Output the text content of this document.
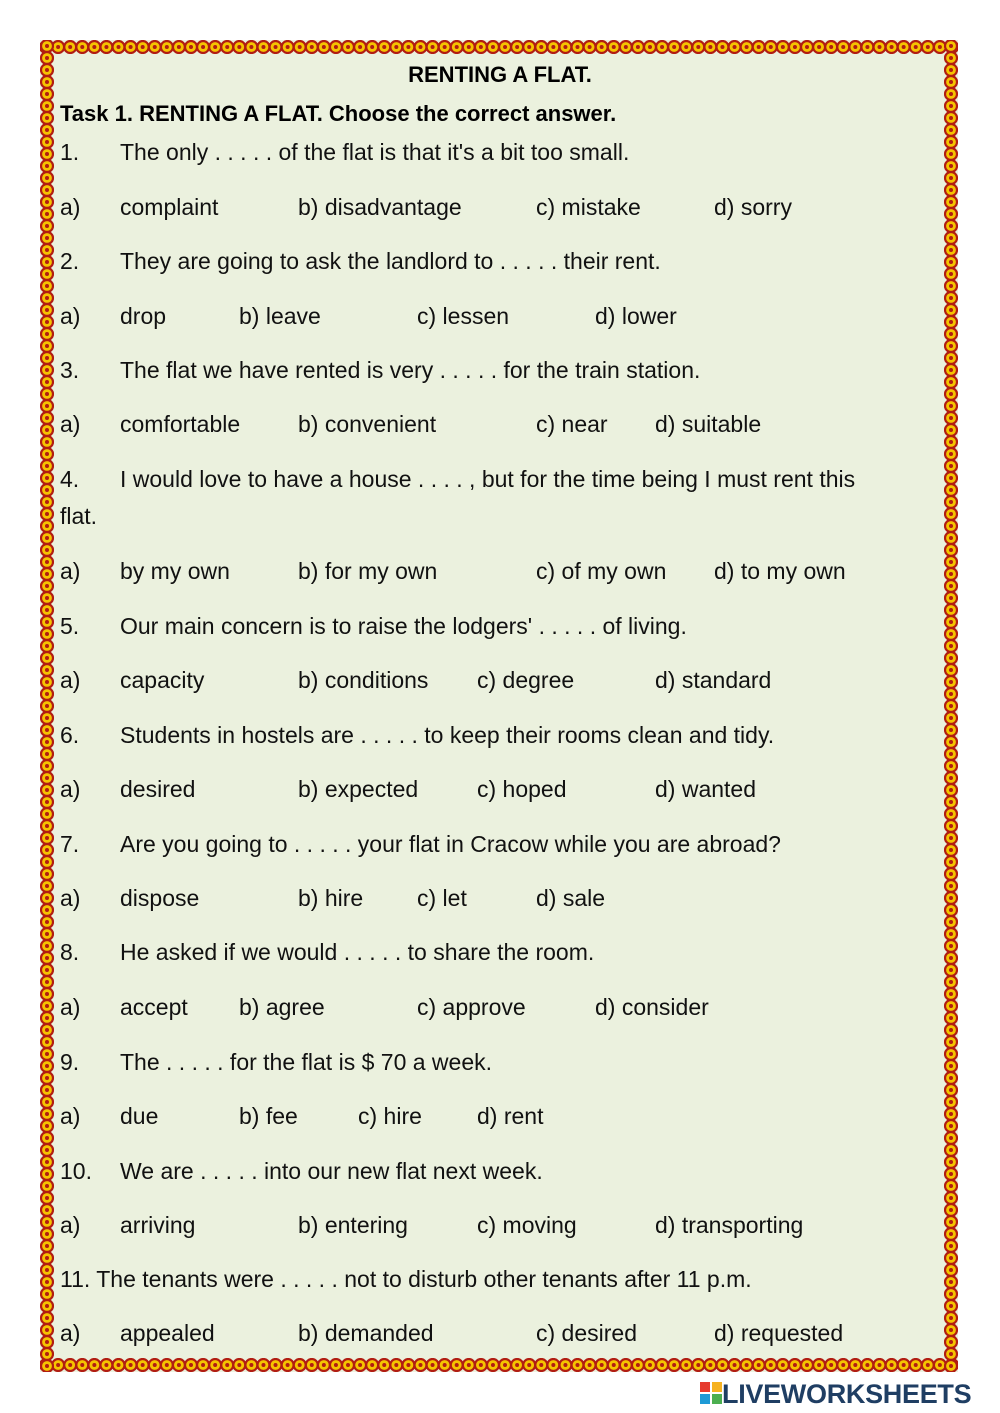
RENTING A FLAT.
Task 1. RENTING A FLAT. Choose the correct answer.
1. The only . . . . . of the flat is that it's a bit too small.
a) complaint	b) disadvantage	c) mistake	d) sorry
2. They are going to ask the landlord to . . . . . their rent.
a) drop	b) leave	c) lessen	d) lower
3. The flat we have rented is very . . . . . for the train station.
a) comfortable	b) convenient	c) near d) suitable
4. I would love to have a house . . . . , but for the time being I must rent this
flat.
a) by my own	b) for my own	c) of my own d) to my own
5. Our main concern is to raise the lodgers' . . . . . of living.
a) capacity	b) conditions c) degree	d) standard
6. Students in hostels are . . . . . to keep their rooms clean and tidy.
a) desired	b) expected	c) hoped	d) wanted
7. Are you going to . . . . . your flat in Cracow while you are abroad?
a) dispose	b) hire c) let	d) sale
8. He asked if we would . . . . . to share the room.
a) accept b) agree	c) approve	d) consider
9. The . . . . . for the flat is $ 70 a week.
a) due	b) fee	c) hire d) rent
10. We are . . . . . into our new flat next week.
a) arriving	b) entering	c) moving	d) transporting
11. The tenants were . . . . . not to disturb other tenants after 11 p.m.
a) appealed	b) demanded	c) desired	d) requested
LIVEWORKSHEETS
